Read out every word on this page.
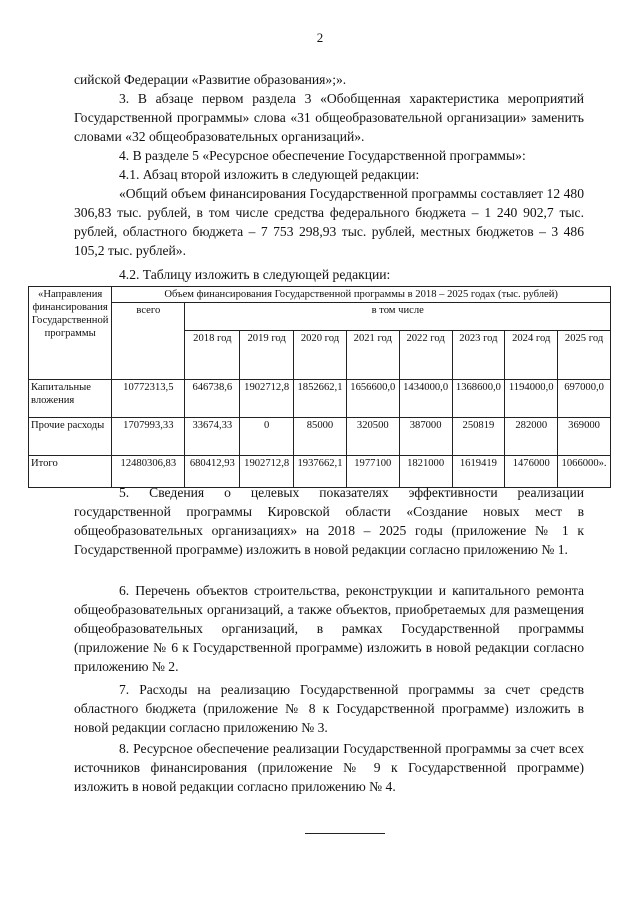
2

сийской Федерации «Развитие образования»;».

3. В абзаце первом раздела 3 «Обобщенная характеристика мероприятий Государственной программы» слова «31 общеобразовательной организации» заменить словами «32 общеобразовательных организаций».

4. В разделе 5 «Ресурсное обеспечение Государственной программы»:

4.1. Абзац второй изложить в следующей редакции:

«Общий объем финансирования Государственной программы составляет 12 480 306,83 тыс. рублей, в том числе средства федерального бюджета – 1 240 902,7 тыс. рублей, областного бюджета – 7 753 298,93 тыс. рублей, местных бюджетов – 3 486 105,2 тыс. рублей».

4.2. Таблицу изложить в следующей редакции:

«Направления финансирования Государственной программы	Объем финансирования Государственной программы в 2018 – 2025 годах (тыс. рублей)								
	всего	в том числе							
		2018 год	2019 год	2020 год	2021 год	2022 год	2023 год	2024 год	2025 год
Капитальные вложения	10772313,5	646738,6	1902712,8	1852662,1	1656600,0	1434000,0	1368600,0	1194000,0	697000,0
Прочие расходы	1707993,33	33674,33	0	85000	320500	387000	250819	282000	369000
Итого	12480306,83	680412,93	1902712,8	1937662,1	1977100	1821000	1619419	1476000	1066000».

5. Сведения о целевых показателях эффективности реализации государственной программы Кировской области «Создание новых мест в общеобразовательных организациях» на 2018 – 2025 годы (приложение № 1 к Государственной программе) изложить в новой редакции согласно приложению № 1.

6. Перечень объектов строительства, реконструкции и капитального ремонта общеобразовательных организаций, а также объектов, приобретаемых для размещения общеобразовательных организаций, в рамках Государственной программы (приложение № 6 к Государственной программе) изложить в новой редакции согласно приложению № 2.

7. Расходы на реализацию Государственной программы за счет средств областного бюджета (приложение № 8 к Государственной программе) изложить в новой редакции согласно приложению № 3.

8. Ресурсное обеспечение реализации Государственной программы за счет всех источников финансирования (приложение № 9 к Государственной программе) изложить в новой редакции согласно приложению № 4.
